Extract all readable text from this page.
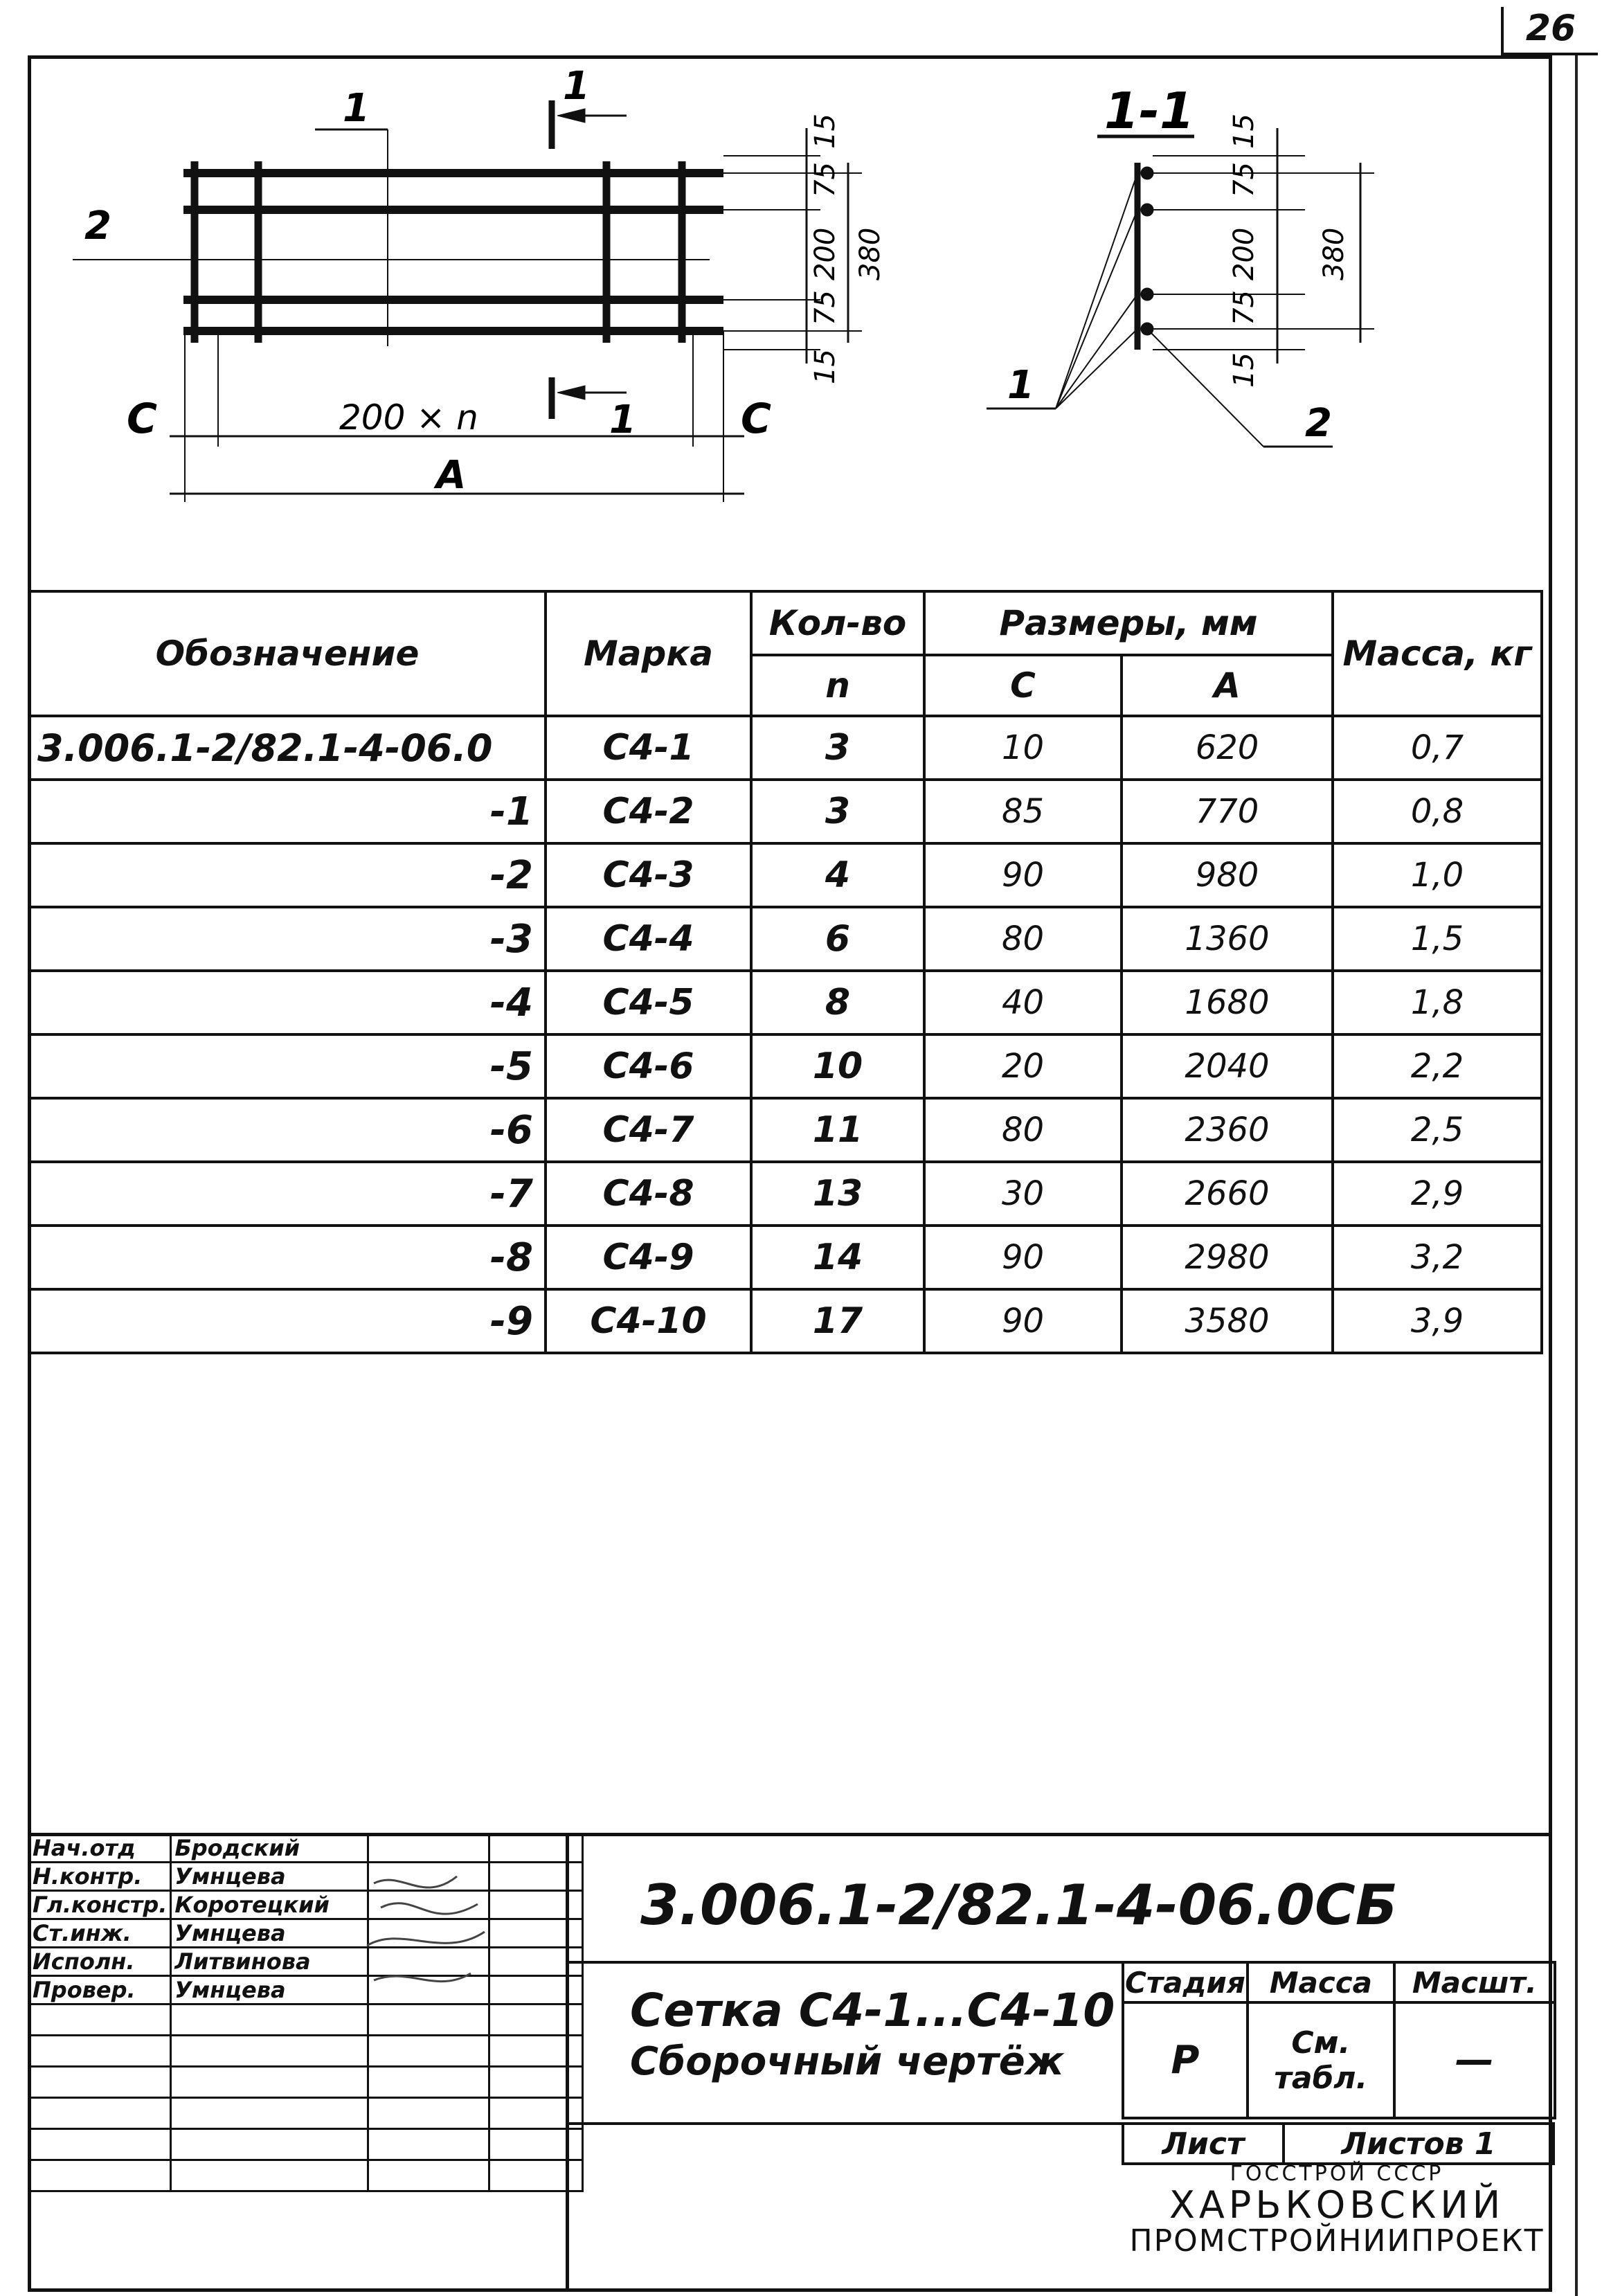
26
1
2
1
1
C	C
200 × n
A
15
75
200
75
15
380
1-1
1
2
15
75
200
75
15
380
Обозначение	Марка	Кол-во	Размеры, мм		Масса, кг
		n	С	А	
3.006.1-2/82.1-4-06.0	С4-1	3	10	620	0,7
-1	С4-2	3	85	770	0,8
-2	С4-3	4	90	980	1,0
-3	С4-4	6	80	1360	1,5
-4	С4-5	8	40	1680	1,8
-5	С4-6	10	20	2040	2,2
-6	С4-7	11	80	2360	2,5
-7	С4-8	13	30	2660	2,9
-8	С4-9	14	90	2980	3,2
-9	С4-10	17	90	3580	3,9

Нач.отд	Бродский		
Н.контр.	Умнцева		
Гл.констр.	Коротецкий		
Ст.инж.	Умнцева		
Исполн.	Литвинова		
Провер.	Умнцева		

3.006.1-2/82.1-4-06.0СБ
Сетка С4-1...С4-10
Сборочный чертёж
Стадия	Масса	Масшт.
Р	См. табл.	—
Лист	Листов 1
ГОССТРОЙ СССР
ХАРЬКОВСКИЙ
ПРОМСТРОЙНИИПРОЕКТ
